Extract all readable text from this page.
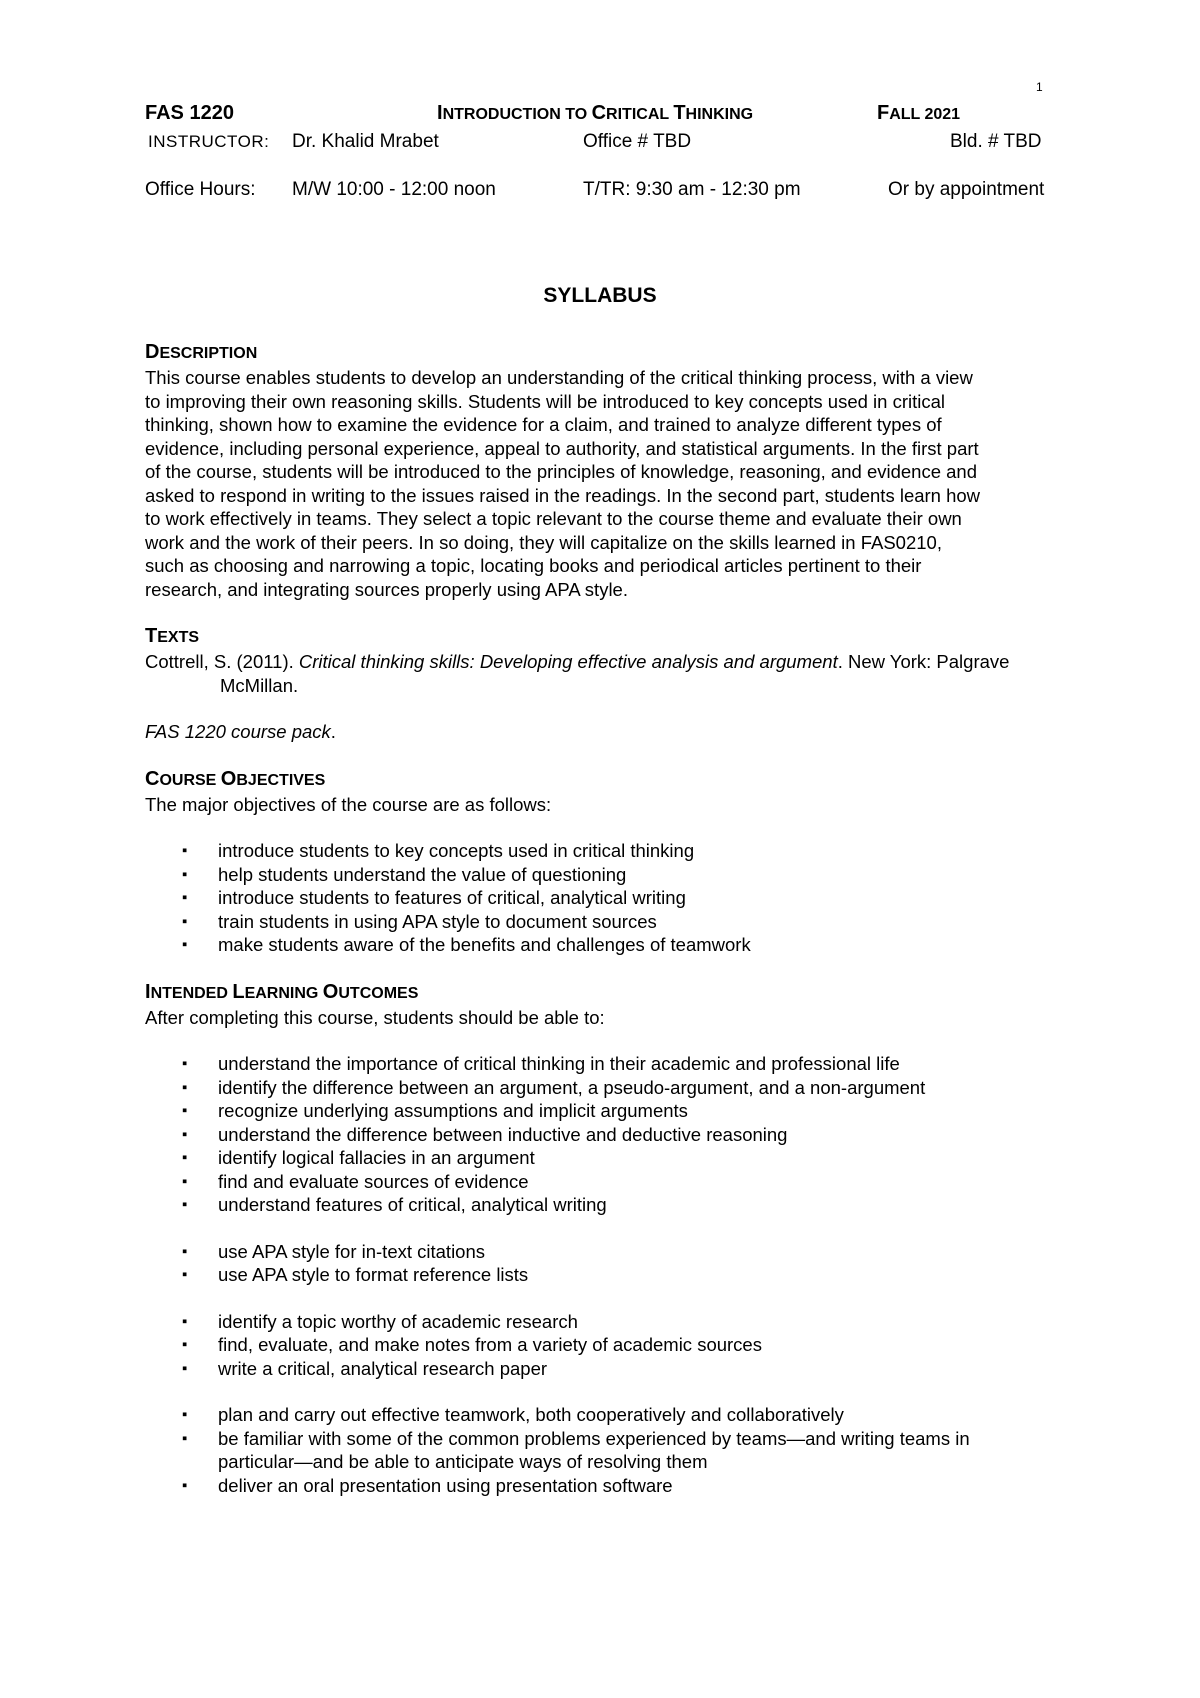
1
FAS 1220	INTRODUCTION TO CRITICAL THINKING	FALL 2021
INSTRUCTOR: Dr. Khalid Mrabet	Office # TBD	Bld. # TBD
Office Hours: M/W 10:00 - 12:00 noon	T/TR: 9:30 am - 12:30 pm	Or by appointment
SYLLABUS
DESCRIPTION

This course enables students to develop an understanding of the critical thinking process, with a view

to improving their own reasoning skills. Students will be introduced to key concepts used in critical

thinking, shown how to examine the evidence for a claim, and trained to analyze different types of

evidence, including personal experience, appeal to authority, and statistical arguments. In the first part

of the course, students will be introduced to the principles of knowledge, reasoning, and evidence and

asked to respond in writing to the issues raised in the readings. In the second part, students learn how

to work effectively in teams. They select a topic relevant to the course theme and evaluate their own

work and the work of their peers. In so doing, they will capitalize on the skills learned in FAS0210,

such as choosing and narrowing a topic, locating books and periodical articles pertinent to their

research, and integrating sources properly using APA style.

TEXTS

Cottrell, S. (2011). Critical thinking skills: Developing effective analysis and argument. New York: Palgrave McMillan.

FAS 1220 course pack.

COURSE OBJECTIVES

The major objectives of the course are as follows:

▪ introduce students to key concepts used in critical thinking
▪ help students understand the value of questioning
▪ introduce students to features of critical, analytical writing
▪ train students in using APA style to document sources
▪ make students aware of the benefits and challenges of teamwork
INTENDED LEARNING OUTCOMES

After completing this course, students should be able to:

▪ understand the importance of critical thinking in their academic and professional life
▪ identify the difference between an argument, a pseudo-argument, and a non-argument
▪ recognize underlying assumptions and implicit arguments
▪ understand the difference between inductive and deductive reasoning
▪ identify logical fallacies in an argument
▪ find and evaluate sources of evidence
▪ understand features of critical, analytical writing
▪ use APA style for in-text citations
▪ use APA style to format reference lists
▪ identify a topic worthy of academic research
▪ find, evaluate, and make notes from a variety of academic sources
▪ write a critical, analytical research paper
▪ plan and carry out effective teamwork, both cooperatively and collaboratively
▪ be familiar with some of the common problems experienced by teams—and writing teams in particular—and be able to anticipate ways of resolving them
▪ deliver an oral presentation using presentation software
